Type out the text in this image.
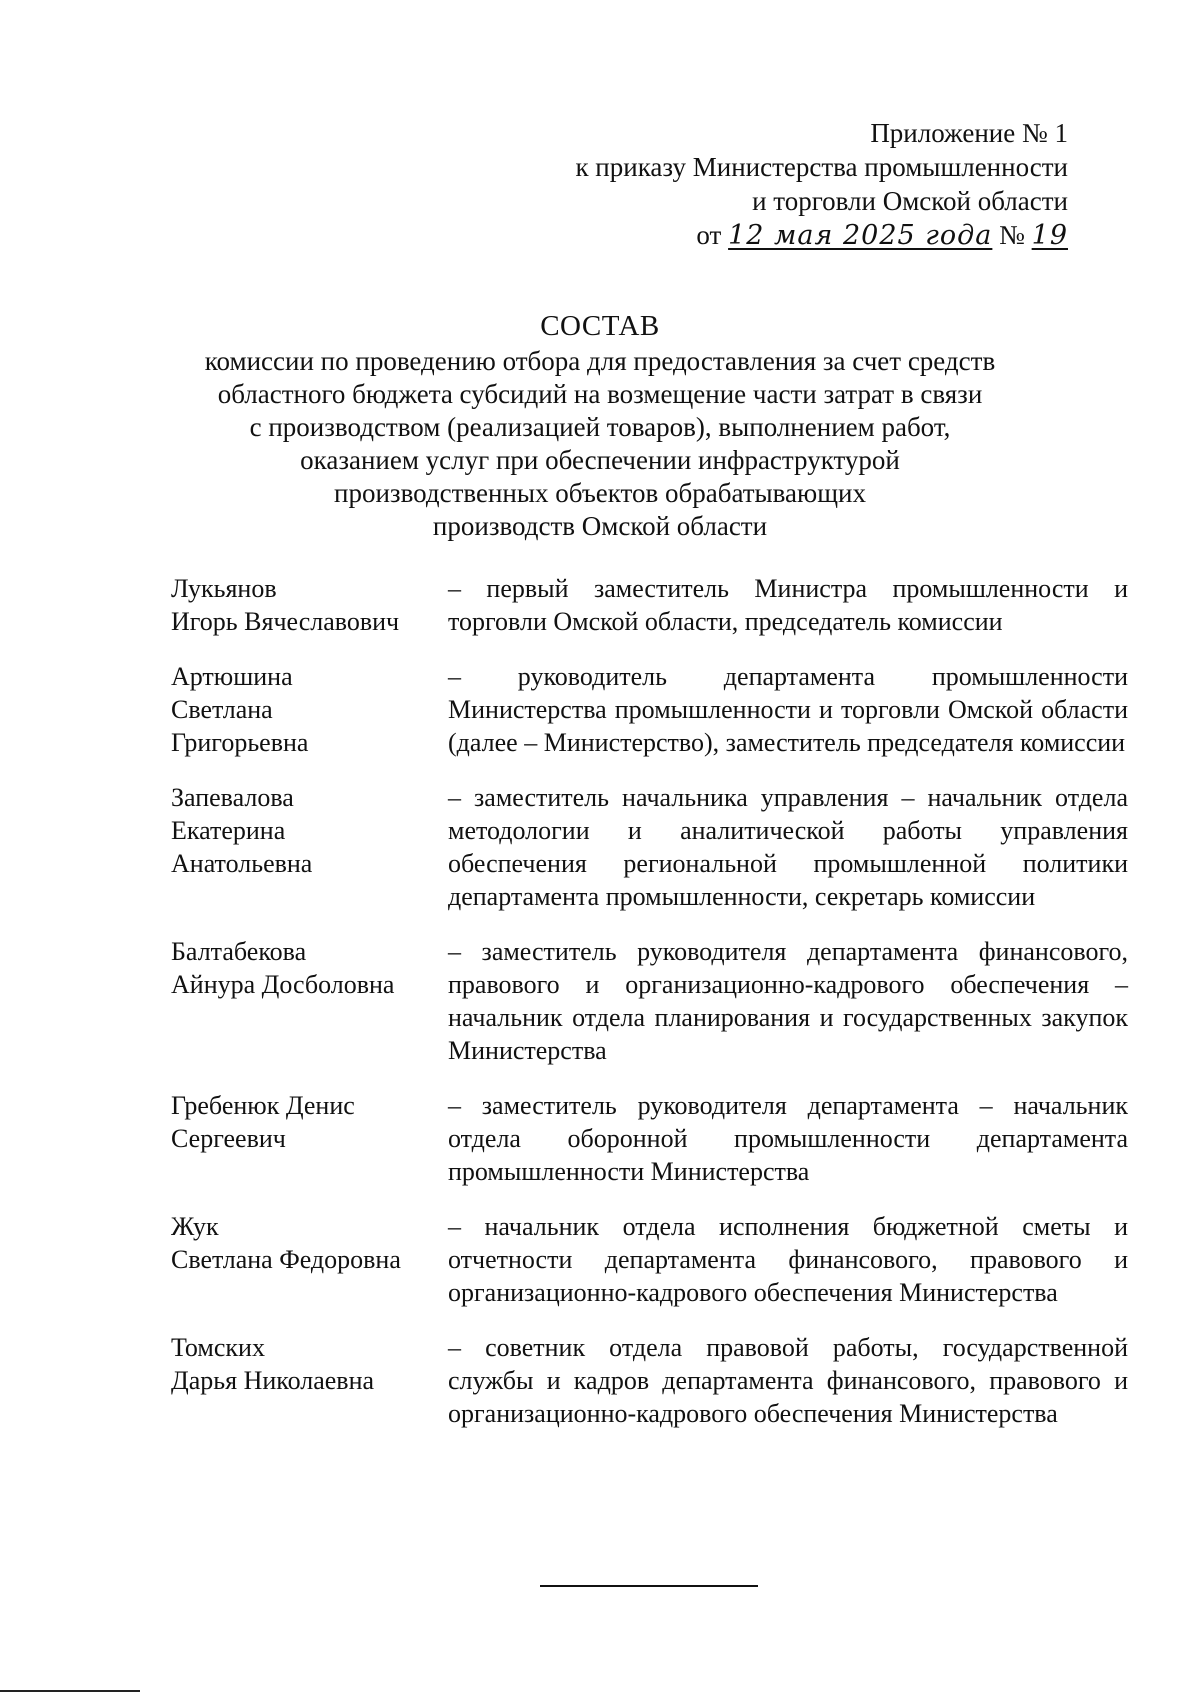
Приложение № 1
к приказу Министерства промышленности
и торговли Омской области
от 12 мая 2025 года № 19
СОСТАВ
комиссии по проведению отбора для предоставления за счет средств
областного бюджета субсидий на возмещение части затрат в связи
с производством (реализацией товаров), выполнением работ,
оказанием услуг при обеспечении инфраструктурой
производственных объектов обрабатывающих
производств Омской области
Лукьянов
Игорь Вячеславович
– первый заместитель Министра промышленности и торговли Омской области, председатель комиссии
Артюшина
Светлана
Григорьевна
– руководитель департамента промышленности Министерства промышленности и торговли Омской области (далее – Министерство), заместитель председателя комиссии
Запевалова
Екатерина
Анатольевна
– заместитель начальника управления – начальник отдела методологии и аналитической работы управления обеспечения региональной промышленной политики департамента промышленности, секретарь комиссии
Балтабекова
Айнура Досболовна
– заместитель руководителя департамента финансового, правового и организационно-кадрового обеспечения – начальник отдела планирования и государственных закупок Министерства
Гребенюк Денис
Сергеевич
– заместитель руководителя департамента – начальник отдела оборонной промышленности департамента промышленности Министерства
Жук
Светлана Федоровна
– начальник отдела исполнения бюджетной сметы и отчетности департамента финансового, правового и организационно-кадрового обеспечения Министерства
Томских
Дарья Николаевна
– советник отдела правовой работы, государственной службы и кадров департамента финансового, правового и организационно-кадрового обеспечения Министерства
